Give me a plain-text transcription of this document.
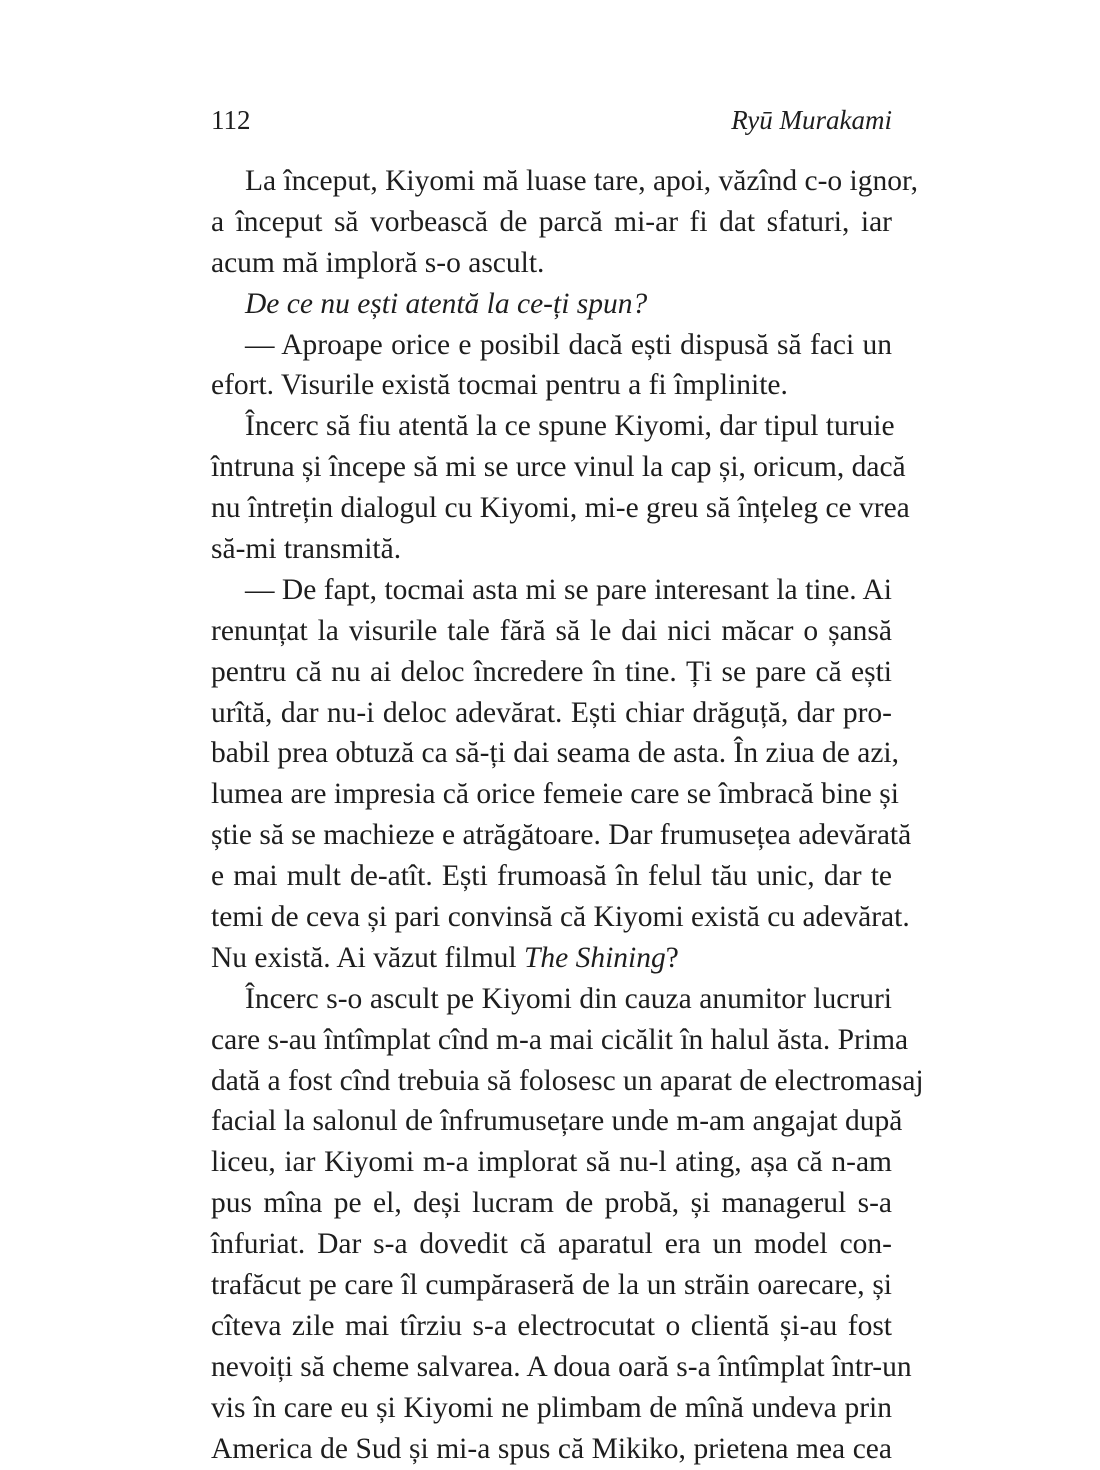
112	Ryū Murakami
La început, Kiyomi mă luase tare, apoi, văzînd c-o ignor,
a început să vorbească de parcă mi-ar fi dat sfaturi, iar
acum mă imploră s-o ascult.
De ce nu ești atentă la ce-ți spun?
— Aproape orice e posibil dacă ești dispusă să faci un
efort. Visurile există tocmai pentru a fi împlinite.
Încerc să fiu atentă la ce spune Kiyomi, dar tipul turuie
întruna și începe să mi se urce vinul la cap și, oricum, dacă
nu întrețin dialogul cu Kiyomi, mi-e greu să înțeleg ce vrea
să-mi transmită.
— De fapt, tocmai asta mi se pare interesant la tine. Ai
renunțat la visurile tale fără să le dai nici măcar o șansă
pentru că nu ai deloc încredere în tine. Ți se pare că ești
urîtă, dar nu-i deloc adevărat. Ești chiar drăguță, dar pro-
babil prea obtuză ca să-ți dai seama de asta. În ziua de azi,
lumea are impresia că orice femeie care se îmbracă bine și
știe să se machieze e atrăgătoare. Dar frumusețea adevărată
e mai mult de-atît. Ești frumoasă în felul tău unic, dar te
temi de ceva și pari convinsă că Kiyomi există cu adevărat.
Nu există. Ai văzut filmul The Shining?
Încerc s-o ascult pe Kiyomi din cauza anumitor lucruri
care s-au întîmplat cînd m-a mai cicălit în halul ăsta. Prima
dată a fost cînd trebuia să folosesc un aparat de electromasaj
facial la salonul de înfrumusețare unde m-am angajat după
liceu, iar Kiyomi m-a implorat să nu-l ating, așa că n-am
pus mîna pe el, deși lucram de probă, și managerul s-a
înfuriat. Dar s-a dovedit că aparatul era un model con-
trafăcut pe care îl cumpăraseră de la un străin oarecare, și
cîteva zile mai tîrziu s-a electrocutat o clientă și-au fost
nevoiți să cheme salvarea. A doua oară s-a întîmplat într-un
vis în care eu și Kiyomi ne plimbam de mînă undeva prin
America de Sud și mi-a spus că Mikiko, prietena mea cea
